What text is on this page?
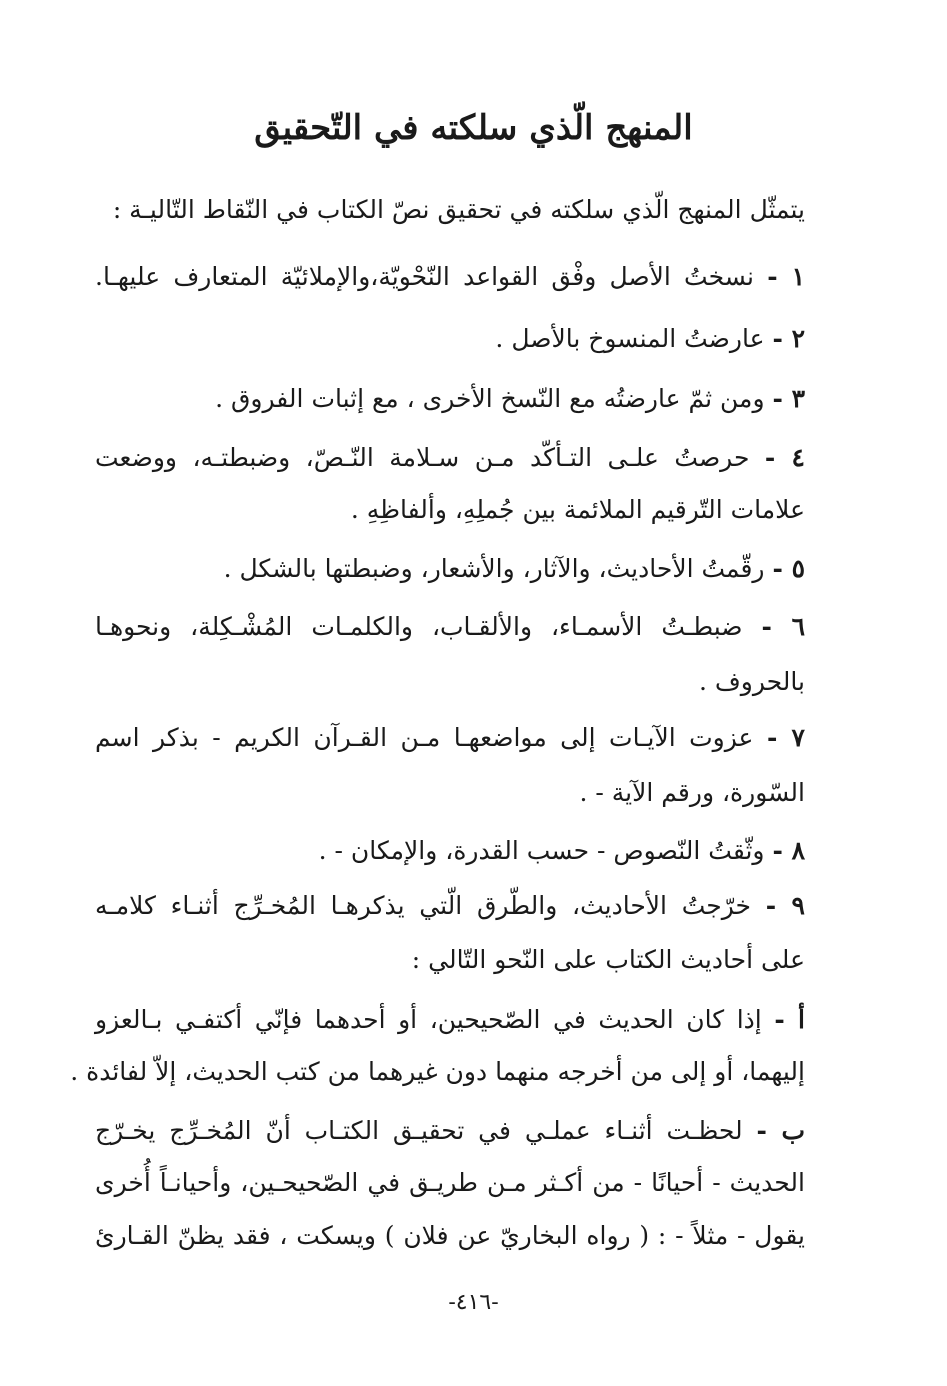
المنهج الّذي سلكته في التّحقيق
يتمثّل المنهج الّذي سلكته في تحقيق نصّ الكتاب في النّقاط التّاليـة :
١ - نسختُ الأصل وفْق القواعد النّحْويّة،والإملائيّة المتعارف عليهـا.
٢ - عارضتُ المنسوخ بالأصل .
٣ - ومن ثمّ عارضتُه مع النّسخ الأخرى ، مع إثبات الفروق .
٤ - حرصتُ علـى التـأكّد مـن سـلامة النّـصّ، وضبطتـه، ووضعت
علامات التّرقيم الملائمة بين جُملِهِ، وألفاظِهِ .
٥ - رقّمتُ الأحاديث، والآثار، والأشعار، وضبطتها بالشكل .
٦ - ضبطـتُ الأسمـاء، والألقـاب، والكلمـات المُشْـكِلة، ونحوهـا
بالحروف .
٧ - عزوت الآيـات إلى مواضعهـا مـن القـرآن الكريم - بذكر اسم
السّورة، ورقم الآية - .
٨ - وثّقتُ النّصوص - حسب القدرة، والإمكان - .
٩ - خرّجتُ الأحاديث، والطّرق الّتي يذكرهـا المُخـرِّج أثنـاء كلامـه
على أحاديث الكتاب على النّحو التّالي :
أ - إذا كان الحديث في الصّحيحين، أو أحدهما فإنّي أكتفـي بـالعزو
إليهما، أو إلى من أخرجه منهما دون غيرهما من كتب الحديث، إلاّ لفائدة .
ب - لحظـت أثنـاء عملـي في تحقيـق الكتـاب أنّ المُخـرِّج يخـرّج
الحديث - أحيانًا - من أكـثر مـن طريـق في الصّحيحـين، وأحيانـاً أُخرى
يقول - مثلاً - : ( رواه البخاريّ عن فلان ) ويسكت ، فقد يظنّ القـارئ
-٤١٦-
